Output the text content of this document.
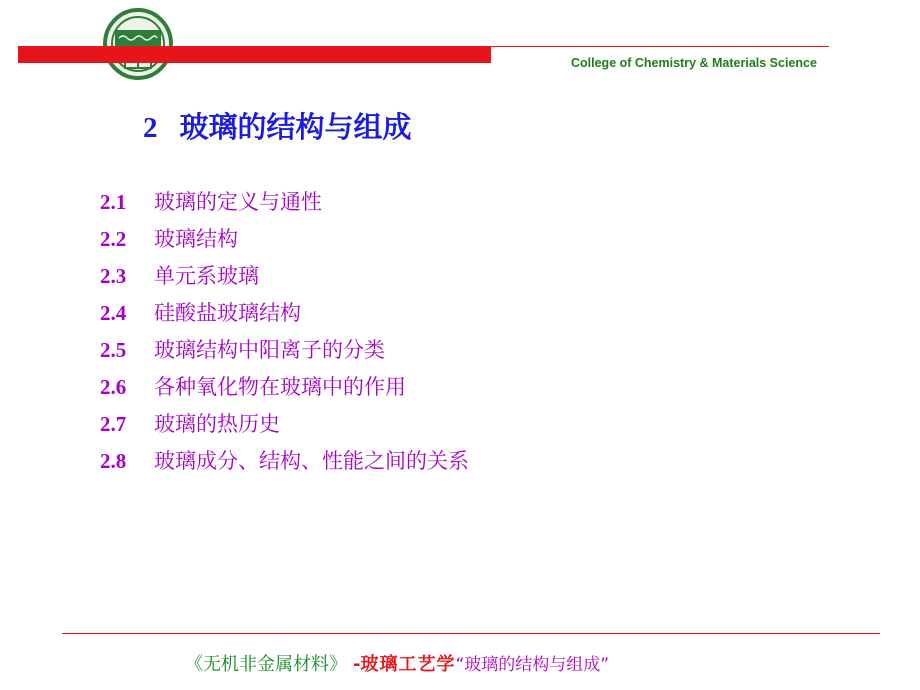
College of Chemistry & Materials Science
2 玻璃的结构与组成
2.1 玻璃的定义与通性
2.2 玻璃结构
2.3 单元系玻璃
2.4 硅酸盐玻璃结构
2.5 玻璃结构中阳离子的分类
2.6 各种氧化物在玻璃中的作用
2.7 玻璃的热历史
2.8 玻璃成分、结构、性能之间的关系
《无机非金属材料》 -玻璃工艺学“玻璃的结构与组成”
